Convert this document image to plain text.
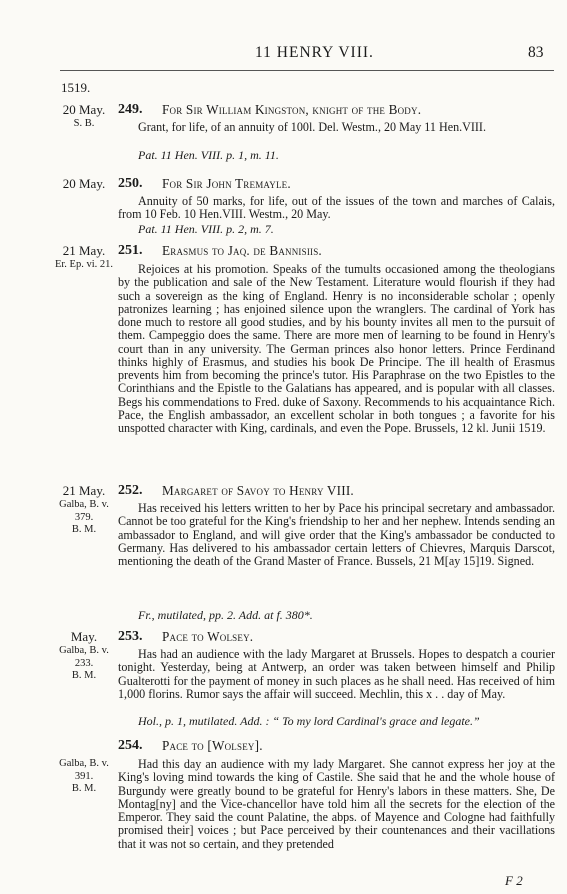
11 HENRY VIII.	83
1519.
20 May.
S. B.
249. For Sir William Kingston, knight of the Body.
Grant, for life, of an annuity of 100l. Del. Westm., 20 May 11 Hen.VIII.
Pat. 11 Hen. VIII. p. 1, m. 11.
20 May. 250. For Sir John Tremayle.
Annuity of 50 marks, for life, out of the issues of the town and marches of Calais, from 10 Feb. 10 Hen.VIII. Westm., 20 May.
Pat. 11 Hen. VIII. p. 2, m. 7.
21 May.
Er. Ep. vi. 21.
251. Erasmus to Jaq. de Bannisiis.
Rejoices at his promotion. Speaks of the tumults occasioned among the theologians by the publication and sale of the New Testament. Literature would flourish if they had such a sovereign as the king of England. Henry is no inconsiderable scholar ; openly patronizes learning ; has enjoined silence upon the wranglers. The cardinal of York has done much to restore all good studies, and by his bounty invites all men to the pursuit of them. Campeggio does the same. There are more men of learning to be found in Henry's court than in any university. The German princes also honor letters. Prince Ferdinand thinks highly of Erasmus, and studies his book De Principe. The ill health of Erasmus prevents him from becoming the prince's tutor. His Paraphrase on the two Epistles to the Corinthians and the Epistle to the Galatians has appeared, and is popular with all classes. Begs his commendations to Fred. duke of Saxony. Recommends to his acquaintance Rich. Pace, the English ambassador, an excellent scholar in both tongues ; a favorite for his unspotted character with King, cardinals, and even the Pope. Brussels, 12 kl. Junii 1519.
21 May.
Galba, B. v.
379.
B. M.
252. Margaret of Savoy to Henry VIII.
Has received his letters written to her by Pace his principal secretary and ambassador. Cannot be too grateful for the King's friendship to her and her nephew. Intends sending an ambassador to England, and will give order that the King's ambassador be conducted to Germany. Has delivered to his ambassador certain letters of Chievres, Marquis Darscot, mentioning the death of the Grand Master of France. Bussels, 21 M[ay 15]19. Signed.
Fr., mutilated, pp. 2. Add. at f. 380*.
May.
Galba, B. v.
233.
B. M.
253. Pace to Wolsey.
Has had an audience with the lady Margaret at Brussels. Hopes to despatch a courier tonight. Yesterday, being at Antwerp, an order was taken between himself and Philip Gualterotti for the payment of money in such places as he shall need. Has received of him 1,000 florins. Rumor says the affair will succeed. Mechlin, this x . . day of May.
Hol., p. 1, mutilated. Add. : “ To my lord Cardinal's grace and legate.”
Galba, B. v.
391.
B. M.
254. Pace to [Wolsey].
Had this day an audience with my lady Margaret. She cannot express her joy at the King's loving mind towards the king of Castile. She said that he and the whole house of Burgundy were greatly bound to be grateful for Henry's labors in these matters. She, De Montag[ny] and the Vice-chancellor have told him all the secrets for the election of the Emperor. They said the count Palatine, the abps. of Mayence and Cologne had faithfully promised their] voices ; but Pace perceived by their countenances and their vacillations that it was not so certain, and they pretended
F 2
